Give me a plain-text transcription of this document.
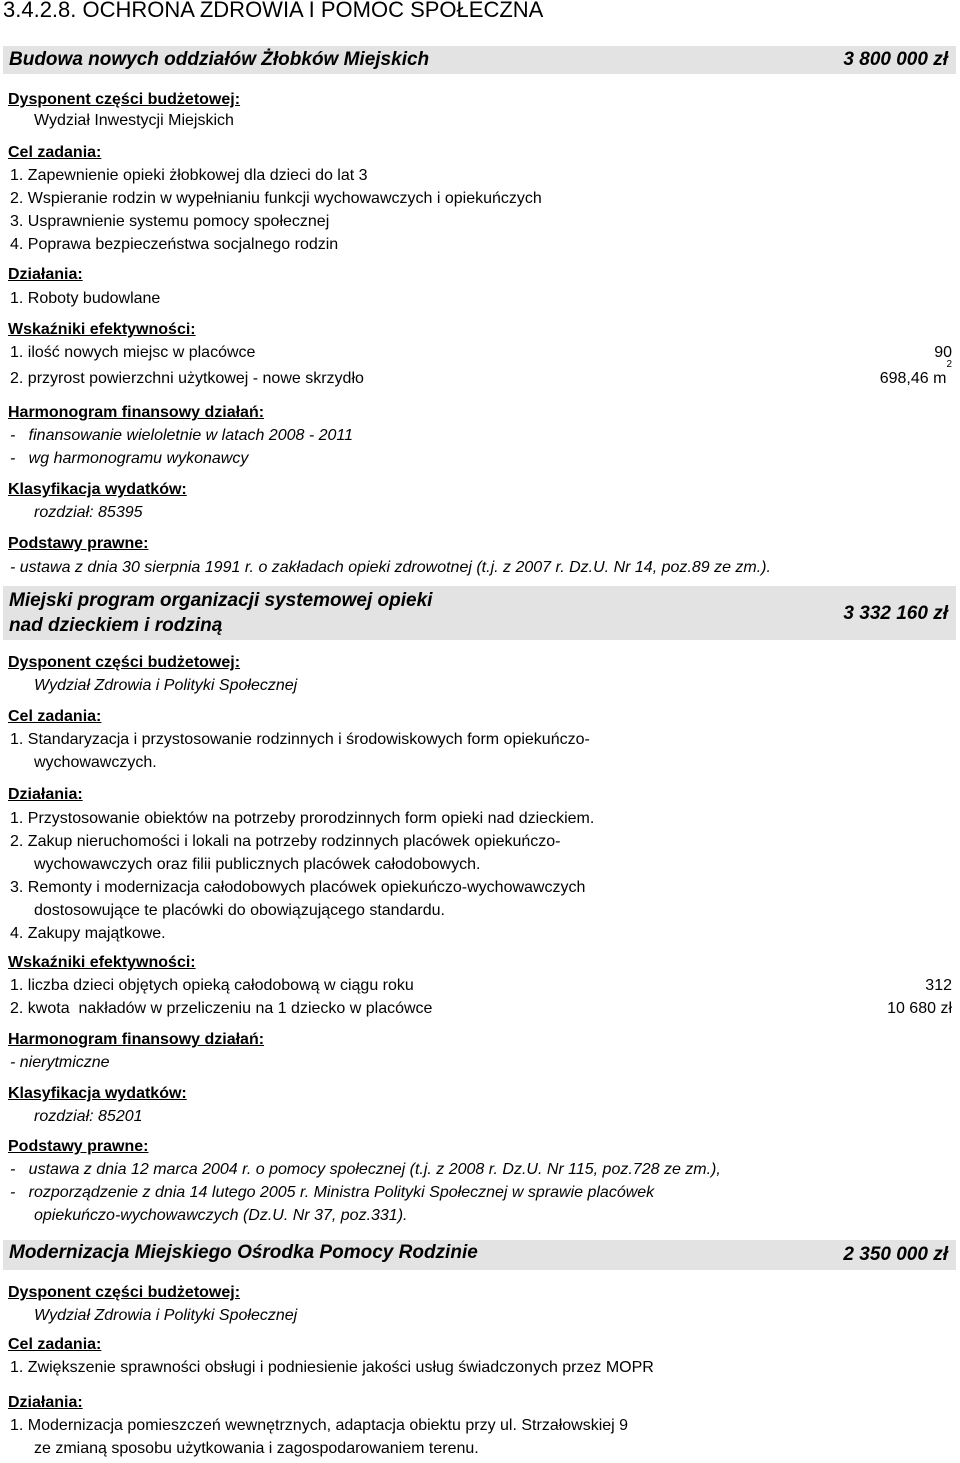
3.4.2.8. OCHRONA ZDROWIA I POMOC SPOŁECZNA
Budowa nowych oddziałów Żłobków Miejskich	3 800 000 zł
Dysponent części budżetowej:
Wydział Inwestycji Miejskich
Cel zadania:
1. Zapewnienie opieki żłobkowej dla dzieci do lat 3
2. Wspieranie rodzin w wypełnianiu funkcji wychowawczych i opiekuńczych
3. Usprawnienie systemu pomocy społecznej
4. Poprawa bezpieczeństwa socjalnego rodzin
Działania:
1. Roboty budowlane
Wskaźniki efektywności:
1. ilość nowych miejsc w placówce	90
2. przyrost powierzchni użytkowej - nowe skrzydło	698,46 $m^2$
Harmonogram finansowy działań:
-   finansowanie wieloletnie w latach 2008 - 2011
-   wg harmonogramu wykonawcy
Klasyfikacja wydatków:
rozdział: 85395
Podstawy prawne:
- ustawa z dnia 30 sierpnia 1991 r. o zakładach opieki zdrowotnej (t.j. z 2007 r. Dz.U. Nr 14, poz.89 ze zm.).
Miejski program organizacji systemowej opieki
nad dzieckiem i rodziną
3 332 160 zł
Dysponent części budżetowej:
Wydział Zdrowia i Polityki Społecznej
Cel zadania:
1. Standaryzacja i przystosowanie rodzinnych i środowiskowych form opiekuńczo-
wychowawczych.
Działania:
1. Przystosowanie obiektów na potrzeby prorodzinnych form opieki nad dzieckiem.
2. Zakup nieruchomości i lokali na potrzeby rodzinnych placówek opiekuńczo-
wychowawczych oraz filii publicznych placówek całodobowych.
3. Remonty i modernizacja całodobowych placówek opiekuńczo-wychowawczych
dostosowujące te placówki do obowiązującego standardu.
4. Zakupy majątkowe.
Wskaźniki efektywności:
1. liczba dzieci objętych opieką całodobową w ciągu roku	312
2. kwota  nakładów w przeliczeniu na 1 dziecko w placówce	10 680 zł
Harmonogram finansowy działań:
- nierytmiczne
Klasyfikacja wydatków:
rozdział: 85201
Podstawy prawne:
-   ustawa z dnia 12 marca 2004 r. o pomocy społecznej (t.j. z 2008 r. Dz.U. Nr 115, poz.728 ze zm.),
-   rozporządzenie z dnia 14 lutego 2005 r. Ministra Polityki Społecznej w sprawie placówek
opiekuńczo-wychowawczych (Dz.U. Nr 37, poz.331).
Modernizacja Miejskiego Ośrodka Pomocy Rodzinie	2 350 000 zł
Dysponent części budżetowej:
Wydział Zdrowia i Polityki Społecznej
Cel zadania:
1. Zwiększenie sprawności obsługi i podniesienie jakości usług świadczonych przez MOPR
Działania:
1. Modernizacja pomieszczeń wewnętrznych, adaptacja obiektu przy ul. Strzałowskiej 9
ze zmianą sposobu użytkowania i zagospodarowaniem terenu.
